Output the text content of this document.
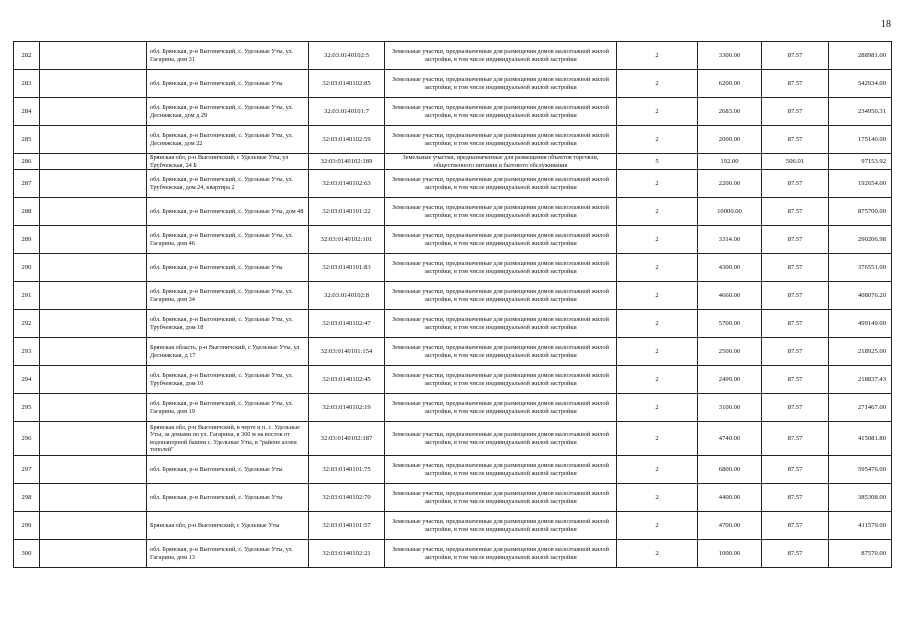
18
282		обл. Брянская, р-н Выгоничский, с. Удельные Уты, ул. Гагарина, дом 31	32:03:0140102:5	Земельные участки, предназначенные для размещения домов малоэтажной жилой застройки, в том числе индивидуальной жилой застройки	2	3300.00	87.57	288981.00
283		обл. Брянская, р-н Выгоничский, с. Удельные Уты	32:03:0140102:85	Земельные участки, предназначенные для размещения домов малоэтажной жилой застройки, в том числе индивидуальной жилой застройки	2	6200.00	87.57	542934.00
284		обл. Брянская, р-н Выгоничский, с. Удельные Уты, ул. Десняжская, дом д 29	32:03:0140101:7	Земельные участки, предназначенные для размещения домов малоэтажной жилой застройки, в том числе индивидуальной жилой застройки	2	2683.00	87.57	234950.31
285		обл. Брянская, р-н Выгоничский, с. Удельные Уты, ул. Десняжская, дом 22	32:03:0140102:59	Земельные участки, предназначенные для размещения домов малоэтажной жилой застройки, в том числе индивидуальной жилой застройки	2	2000.00	87.57	175140.00
286		Брянская обл, р-н Выгоничский, с Удельные Уты, ул Трубчевская, 24 Б	32:03:0140102:189	Земельные участки, предназначенные для размещения объектов торговли, общественного питания и бытового обслуживания	5	192.00	506.01	97153.92
287		обл. Брянская, р-н Выгоничский, с. Удельные Уты, ул. Трубчевская, дом 24, квартира 2	32:03:0140102:63	Земельные участки, предназначенные для размещения домов малоэтажной жилой застройки, в том числе индивидуальной жилой застройки	2	2200.00	87.57	192654.00
288		обл. Брянская, р-н Выгоничский, с. Удельные Уты, дом 48	32:03:0140101:22	Земельные участки, предназначенные для размещения домов малоэтажной жилой застройки, в том числе индивидуальной жилой застройки	2	10000.00	87.57	875700.00
289		обл. Брянская, р-н Выгоничский, с. Удельные Уты, ул. Гагарина, дом 46	32:03:0140102:101	Земельные участки, предназначенные для размещения домов малоэтажной жилой застройки, в том числе индивидуальной жилой застройки	2	3314.00	87.57	290206.98
290		обл. Брянская, р-н Выгоничский, с. Удельные Уты	32:03:0140101:83	Земельные участки, предназначенные для размещения домов малоэтажной жилой застройки, в том числе индивидуальной жилой застройки	2	4300.00	87.57	376551.00
291		обл. Брянская, р-н Выгоничский, с. Удельные Уты, ул. Гагарина, дом 34	32:03:0140102:8	Земельные участки, предназначенные для размещения домов малоэтажной жилой застройки, в том числе индивидуальной жилой застройки	2	4660.00	87.57	408076.20
292		обл. Брянская, р-н Выгоничский, с. Удельные Уты, ул. Трубчевская, дом 18	32:03:0140102:47	Земельные участки, предназначенные для размещения домов малоэтажной жилой застройки, в том числе индивидуальной жилой застройки	2	5700.00	87.57	499149.00
293		Брянская область, р-н Выгоничский, с Удельные Уты, ул Десняжская, д 17	32:03:0140101:154	Земельные участки, предназначенные для размещения домов малоэтажной жилой застройки, в том числе индивидуальной жилой застройки	2	2500.00	87.57	218925.00
294		обл. Брянская, р-н Выгоничский, с. Удельные Уты, ул. Трубчевская, дом 10	32:03:0140102:45	Земельные участки, предназначенные для размещения домов малоэтажной жилой застройки, в том числе индивидуальной жилой застройки	2	2499.00	87.57	218837.43
295		обл. Брянская, р-н Выгоничский, с. Удельные Уты, ул. Гагарина, дом 19	32:03:0140102:19	Земельные участки, предназначенные для размещения домов малоэтажной жилой застройки, в том числе индивидуальной жилой застройки	2	3100.00	87.57	271467.00
296		Брянская обл, р-н Выгоничский, в черте н п. с. Удельные Уты, за домами по ул. Гагарина, в 300 м на восток от водонапорной башни с. Удельные Уты, в "районе аллеи тополей"	32:03:0140102:187	Земельные участки, предназначенные для размещения домов малоэтажной жилой застройки, в том числе индивидуальной жилой застройки	2	4740.00	87.57	415081.80
297		обл. Брянская, р-н Выгоничский, с. Удельные Уты	32:03:0140101:75	Земельные участки, предназначенные для размещения домов малоэтажной жилой застройки, в том числе индивидуальной жилой застройки	2	6800.00	87.57	595476.00
298		обл. Брянская, р-н Выгоничский, с. Удельные Уты	32:03:0140102:70	Земельные участки, предназначенные для размещения домов малоэтажной жилой застройки, в том числе индивидуальной жилой застройки	2	4400.00	87.57	385308.00
299		Брянская обл, р-н Выгоничский, с Удельные Уты	32:03:0140101:57	Земельные участки, предназначенные для размещения домов малоэтажной жилой застройки, в том числе индивидуальной жилой застройки	2	4700.00	87.57	411579.00
300		обл. Брянская, р-н Выгоничский, с. Удельные Уты, ул. Гагарина, дом 13	32:03:0140102:21	Земельные участки, предназначенные для размещения домов малоэтажной жилой застройки, в том числе индивидуальной жилой застройки	2	1000.00	87.57	87570.00
